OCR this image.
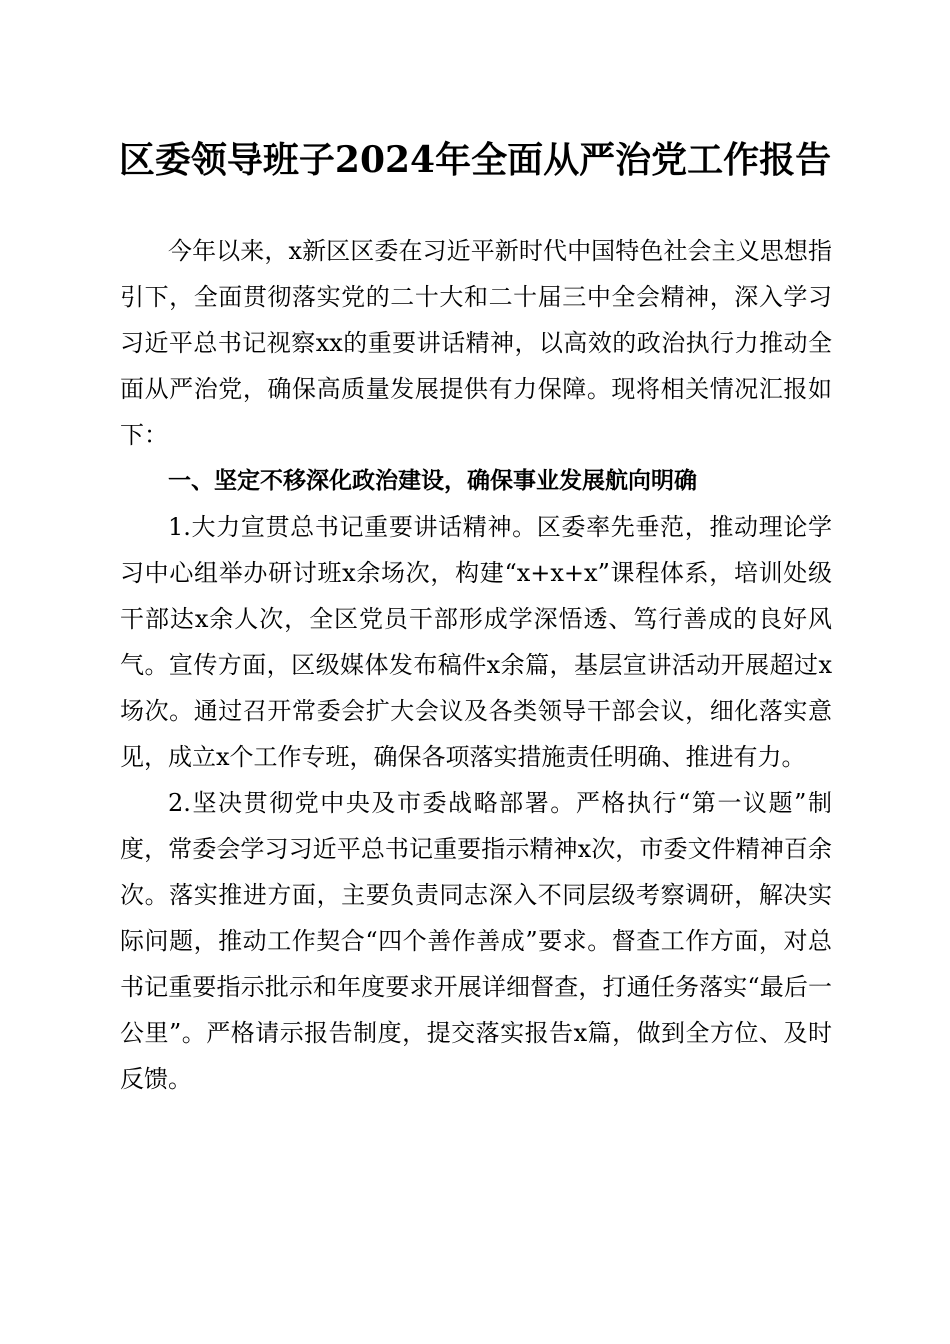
区委领导班子2024年全面从严治党工作报告

今年以来，x新区区委在习近平新时代中国特色社会主义思想指引下，全面贯彻落实党的二十大和二十届三中全会精神，深入学习习近平总书记视察xx的重要讲话精神，以高效的政治执行力推动全面从严治党，确保高质量发展提供有力保障。现将相关情况汇报如下：

一、坚定不移深化政治建设，确保事业发展航向明确

1.大力宣贯总书记重要讲话精神。区委率先垂范，推动理论学习中心组举办研讨班x余场次，构建“x+x+x”课程体系，培训处级干部达x余人次，全区党员干部形成学深悟透、笃行善成的良好风气。宣传方面，区级媒体发布稿件x余篇，基层宣讲活动开展超过x场次。通过召开常委会扩大会议及各类领导干部会议，细化落实意见，成立x个工作专班，确保各项落实措施责任明确、推进有力。

2.坚决贯彻党中央及市委战略部署。严格执行“第一议题”制度，常委会学习习近平总书记重要指示精神x次，市委文件精神百余次。落实推进方面，主要负责同志深入不同层级考察调研，解决实际问题，推动工作契合“四个善作善成”要求。督查工作方面，对总书记重要指示批示和年度要求开展详细督查，打通任务落实“最后一公里”。严格请示报告制度，提交落实报告x篇，做到全方位、及时反馈。
